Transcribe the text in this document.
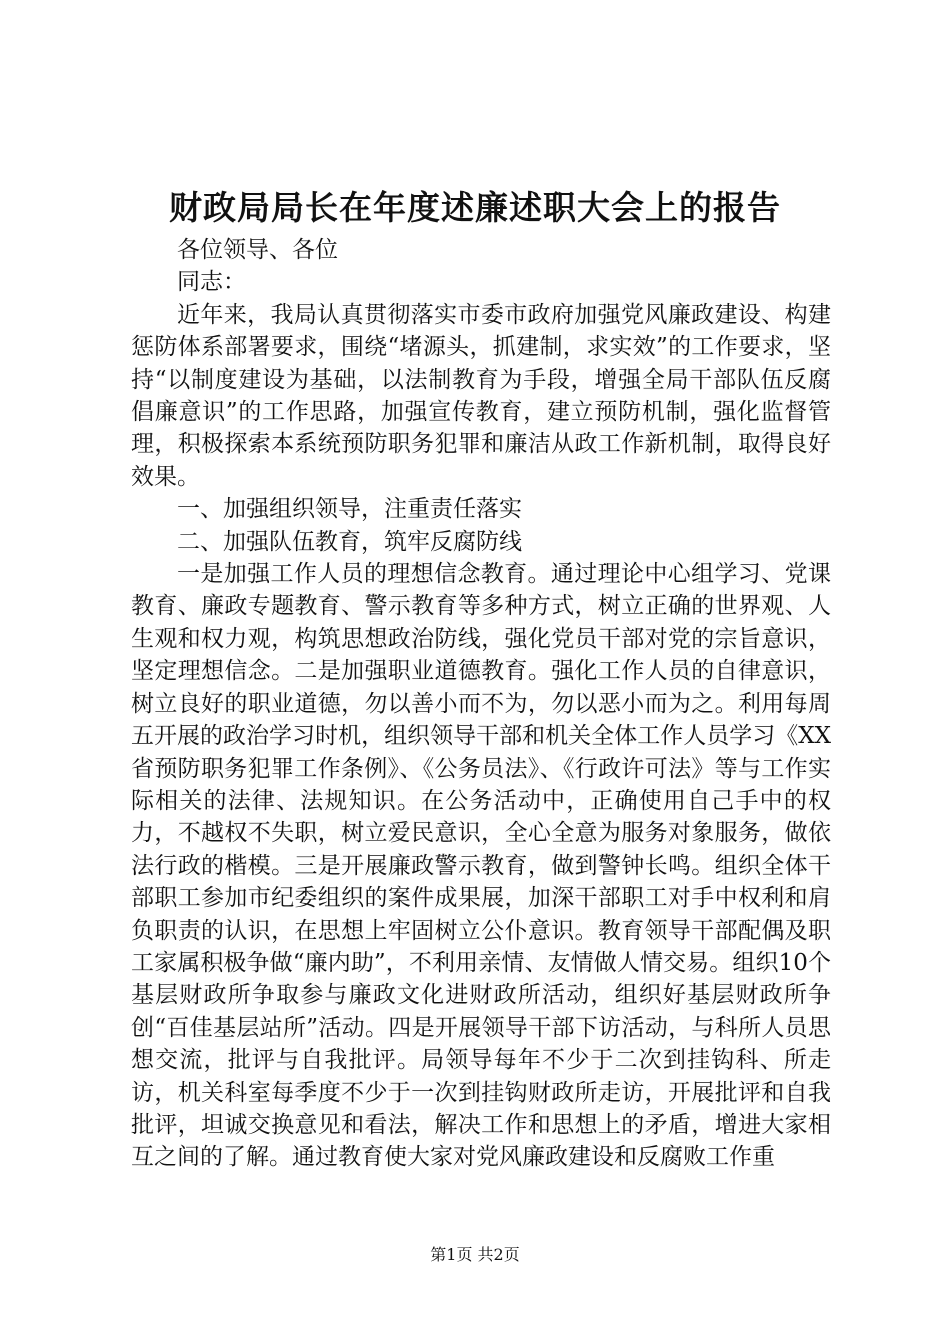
财政局局长在年度述廉述职大会上的报告

各位领导、各位

同志：

近年来，我局认真贯彻落实市委市政府加强党风廉政建设、构建惩防体系部署要求，围绕“堵源头，抓建制，求实效”的工作要求，坚持“以制度建设为基础，以法制教育为手段，增强全局干部队伍反腐倡廉意识”的工作思路，加强宣传教育，建立预防机制，强化监督管理，积极探索本系统预防职务犯罪和廉洁从政工作新机制，取得良好效果。

一、加强组织领导，注重责任落实

二、加强队伍教育，筑牢反腐防线

一是加强工作人员的理想信念教育。通过理论中心组学习、党课教育、廉政专题教育、警示教育等多种方式，树立正确的世界观、人生观和权力观，构筑思想政治防线，强化党员干部对党的宗旨意识，坚定理想信念。二是加强职业道德教育。强化工作人员的自律意识，树立良好的职业道德，勿以善小而不为，勿以恶小而为之。利用每周五开展的政治学习时机，组织领导干部和机关全体工作人员学习《XX省预防职务犯罪工作条例》、《公务员法》、《行政许可法》等与工作实际相关的法律、法规知识。在公务活动中，正确使用自己手中的权力，不越权不失职，树立爱民意识，全心全意为服务对象服务，做依法行政的楷模。三是开展廉政警示教育，做到警钟长鸣。组织全体干部职工参加市纪委组织的案件成果展，加深干部职工对手中权利和肩负职责的认识，在思想上牢固树立公仆意识。教育领导干部配偶及职工家属积极争做“廉内助”，不利用亲情、友情做人情交易。组织10个基层财政所争取参与廉政文化进财政所活动，组织好基层财政所争创“百佳基层站所”活动。四是开展领导干部下访活动，与科所人员思想交流，批评与自我批评。局领导每年不少于二次到挂钩科、所走访，机关科室每季度不少于一次到挂钩财政所走访，开展批评和自我批评，坦诚交换意见和看法，解决工作和思想上的矛盾，增进大家相互之间的了解。通过教育使大家对党风廉政建设和反腐败工作重

第1页 共2页
